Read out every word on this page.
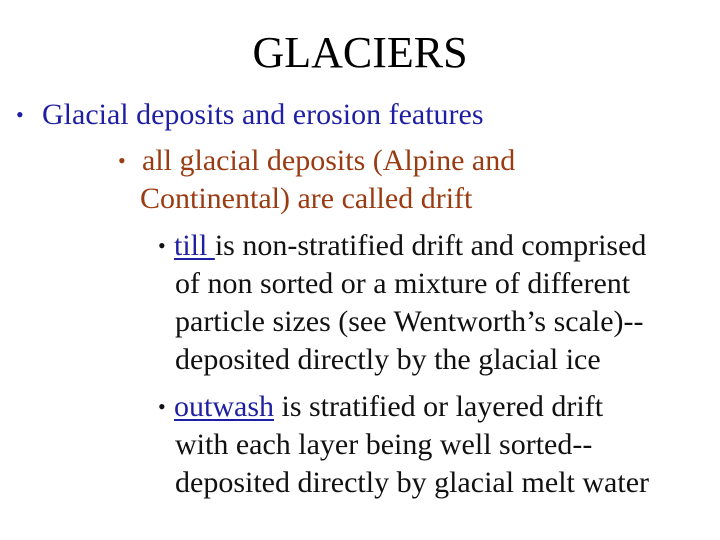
GLACIERS
• Glacial deposits and erosion features
• all glacial deposits (Alpine and
Continental) are called drift
• till is non-stratified drift and comprised
of non sorted or a mixture of different
particle sizes (see Wentworth’s scale)--
deposited directly by the glacial ice
• outwash is stratified or layered drift
with each layer being well sorted--
deposited directly by glacial melt water
